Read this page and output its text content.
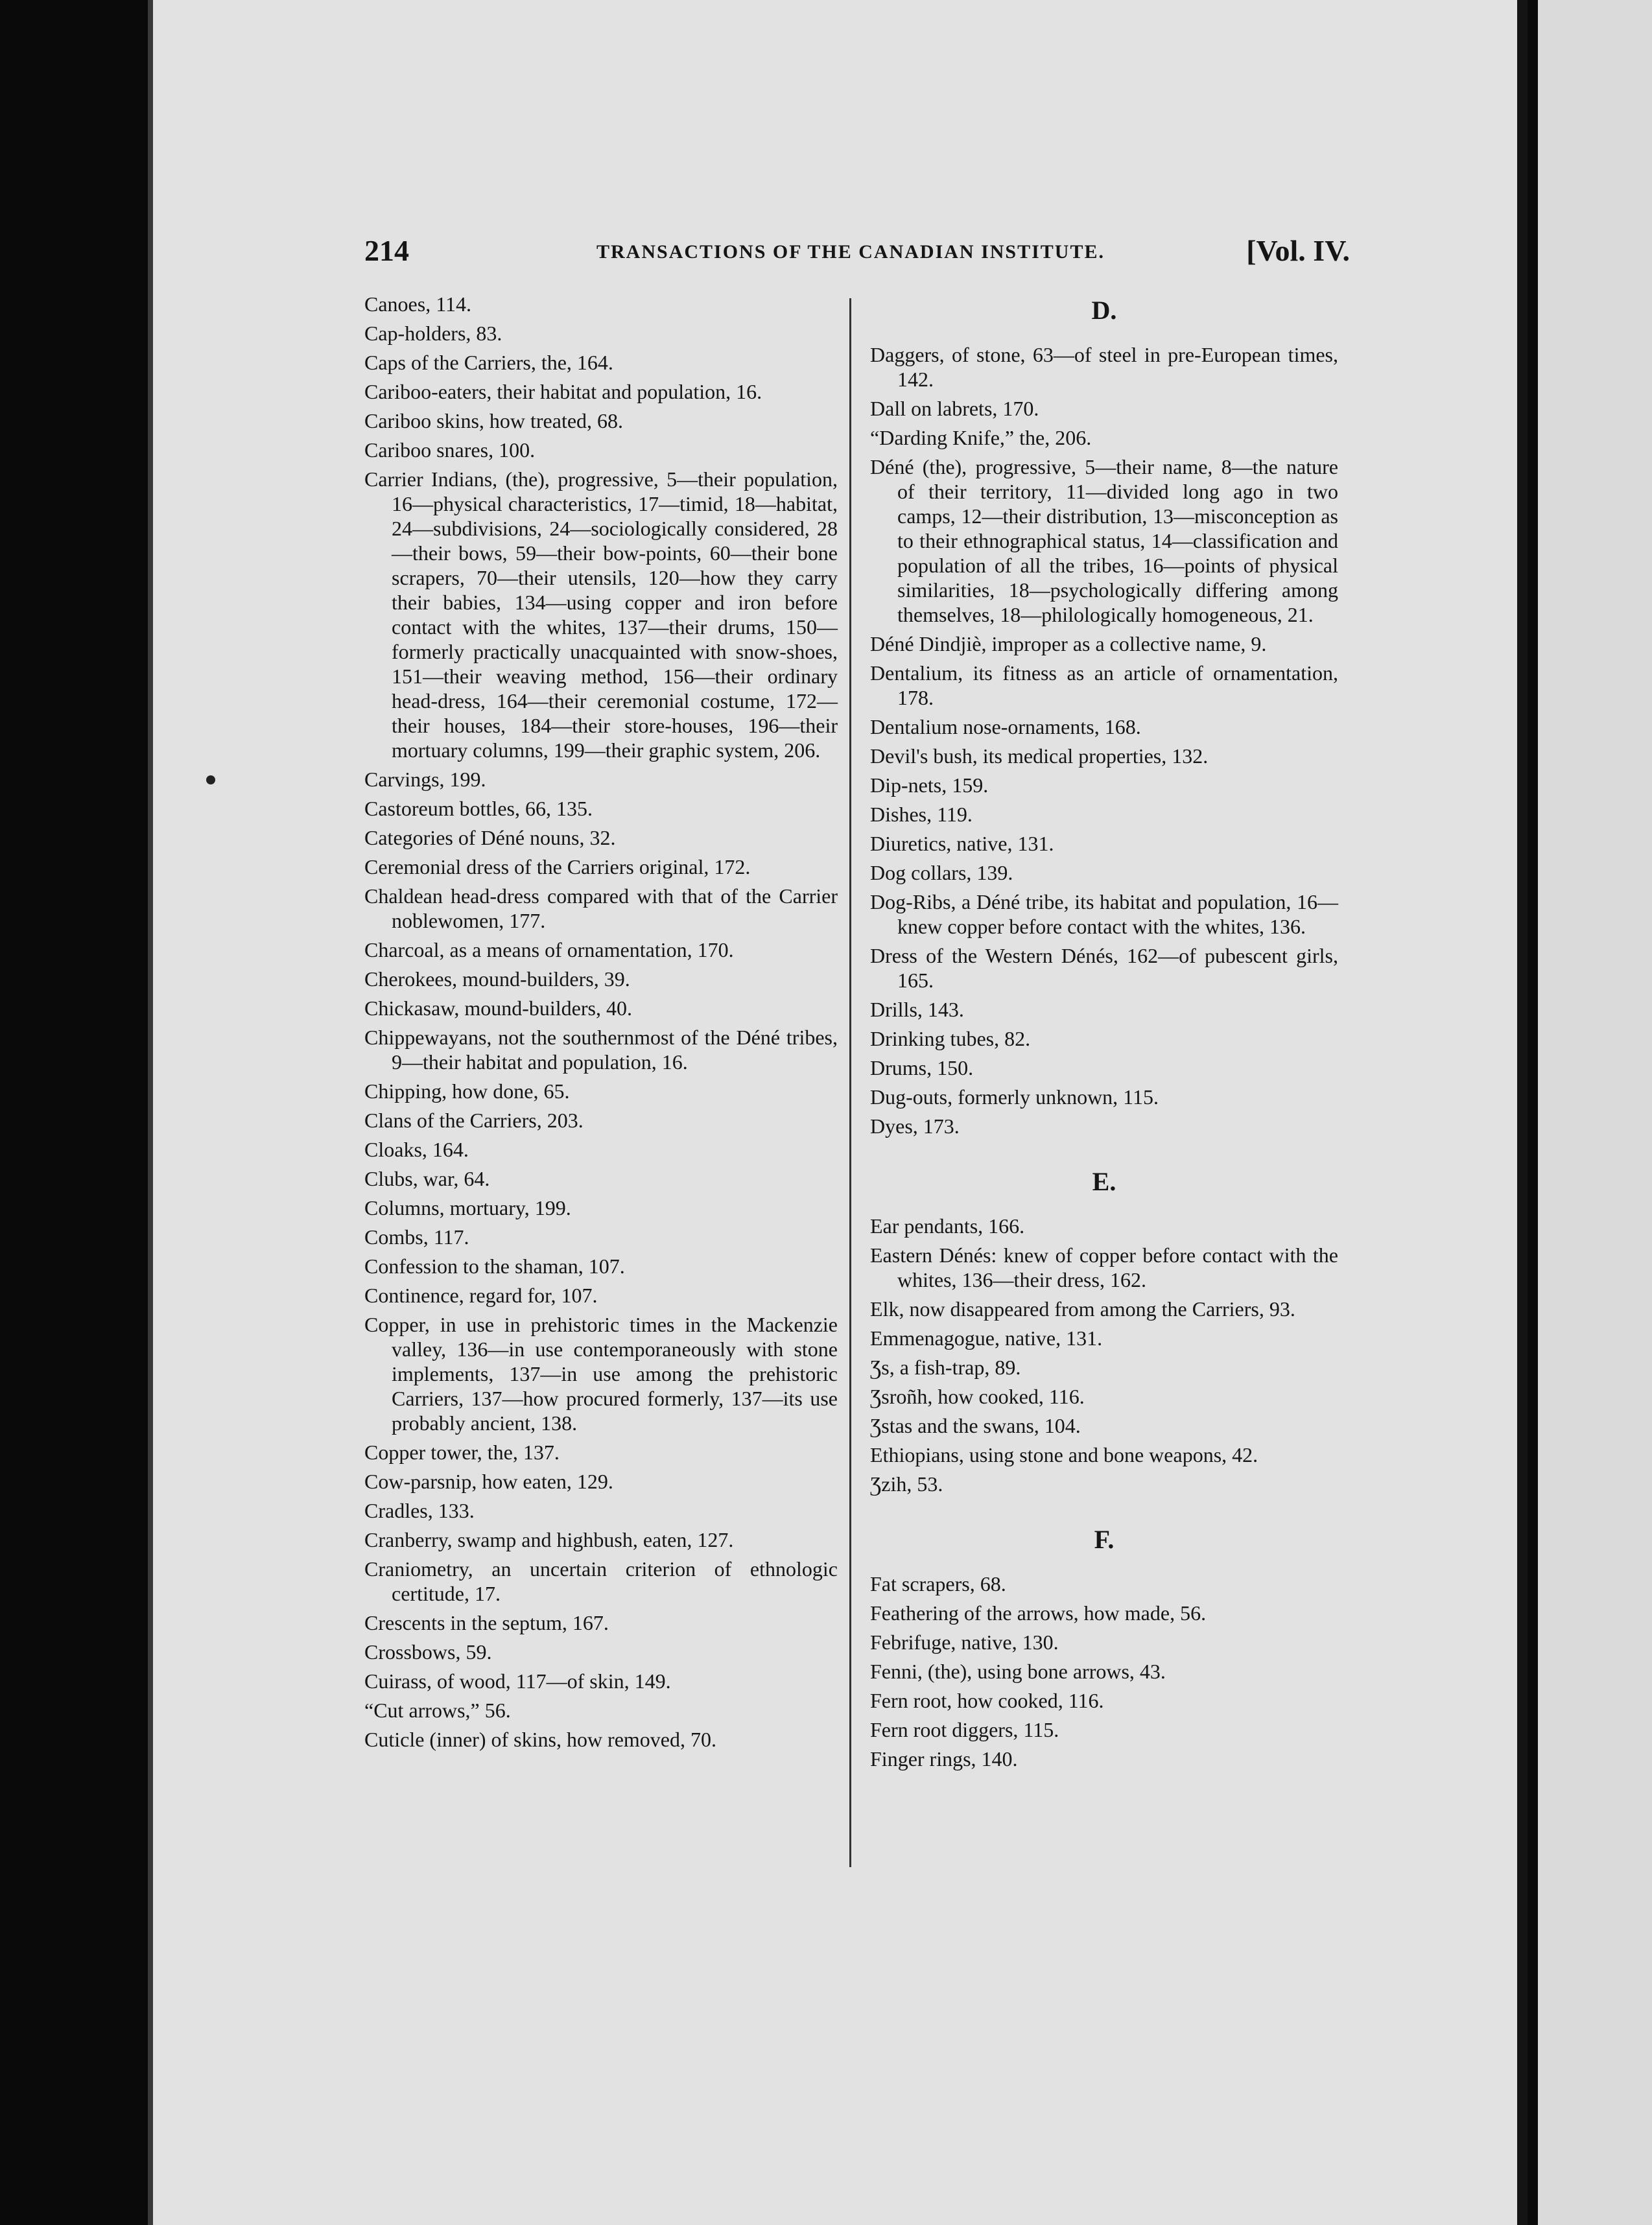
214	TRANSACTIONS OF THE CANADIAN INSTITUTE.	[Vol. IV.
Canoes, 114.
Cap-holders, 83.
Caps of the Carriers, the, 164.
Cariboo-eaters, their habitat and population, 16.
Cariboo skins, how treated, 68.
Cariboo snares, 100.
Carrier Indians, (the), progressive, 5—their population, 16—physical characteristics, 17—timid, 18—habitat, 24—subdivisions, 24—sociologically considered, 28—their bows, 59—their bow-points, 60—their bone scrapers, 70—their utensils, 120—how they carry their babies, 134—using copper and iron before contact with the whites, 137—their drums, 150—formerly practically unacquainted with snow-shoes, 151—their weaving method, 156—their ordinary head-dress, 164—their ceremonial costume, 172—their houses, 184—their store-houses, 196—their mortuary columns, 199—their graphic system, 206.
Carvings, 199.
Castoreum bottles, 66, 135.
Categories of Déné nouns, 32.
Ceremonial dress of the Carriers original, 172.
Chaldean head-dress compared with that of the Carrier noblewomen, 177.
Charcoal, as a means of ornamentation, 170.
Cherokees, mound-builders, 39.
Chickasaw, mound-builders, 40.
Chippewayans, not the southernmost of the Déné tribes, 9—their habitat and population, 16.
Chipping, how done, 65.
Clans of the Carriers, 203.
Cloaks, 164.
Clubs, war, 64.
Columns, mortuary, 199.
Combs, 117.
Confession to the shaman, 107.
Continence, regard for, 107.
Copper, in use in prehistoric times in the Mackenzie valley, 136—in use contemporaneously with stone implements, 137—in use among the prehistoric Carriers, 137—how procured formerly, 137—its use probably ancient, 138.
Copper tower, the, 137.
Cow-parsnip, how eaten, 129.
Cradles, 133.
Cranberry, swamp and highbush, eaten, 127.
Craniometry, an uncertain criterion of ethnologic certitude, 17.
Crescents in the septum, 167.
Crossbows, 59.
Cuirass, of wood, 117—of skin, 149.
“Cut arrows,” 56.
Cuticle (inner) of skins, how removed, 70.
D.
Daggers, of stone, 63—of steel in pre-European times, 142.
Dall on labrets, 170.
“Darding Knife,” the, 206.
Déné (the), progressive, 5—their name, 8—the nature of their territory, 11—divided long ago in two camps, 12—their distribution, 13—misconception as to their ethnographical status, 14—classification and population of all the tribes, 16—points of physical similarities, 18—psychologically differing among themselves, 18—philologically homogeneous, 21.
Déné Dindjiè, improper as a collective name, 9.
Dentalium, its fitness as an article of ornamentation, 178.
Dentalium nose-ornaments, 168.
Devil's bush, its medical properties, 132.
Dip-nets, 159.
Dishes, 119.
Diuretics, native, 131.
Dog collars, 139.
Dog-Ribs, a Déné tribe, its habitat and population, 16—knew copper before contact with the whites, 136.
Dress of the Western Dénés, 162—of pubescent girls, 165.
Drills, 143.
Drinking tubes, 82.
Drums, 150.
Dug-outs, formerly unknown, 115.
Dyes, 173.
E.
Ear pendants, 166.
Eastern Dénés: knew of copper before contact with the whites, 136—their dress, 162.
Elk, now disappeared from among the Carriers, 93.
Emmenagogue, native, 131.
Ʒs, a fish-trap, 89.
Ʒsroñh, how cooked, 116.
Ʒstas and the swans, 104.
Ethiopians, using stone and bone weapons, 42.
Ʒzih, 53.
F.
Fat scrapers, 68.
Feathering of the arrows, how made, 56.
Febrifuge, native, 130.
Fenni, (the), using bone arrows, 43.
Fern root, how cooked, 116.
Fern root diggers, 115.
Finger rings, 140.
